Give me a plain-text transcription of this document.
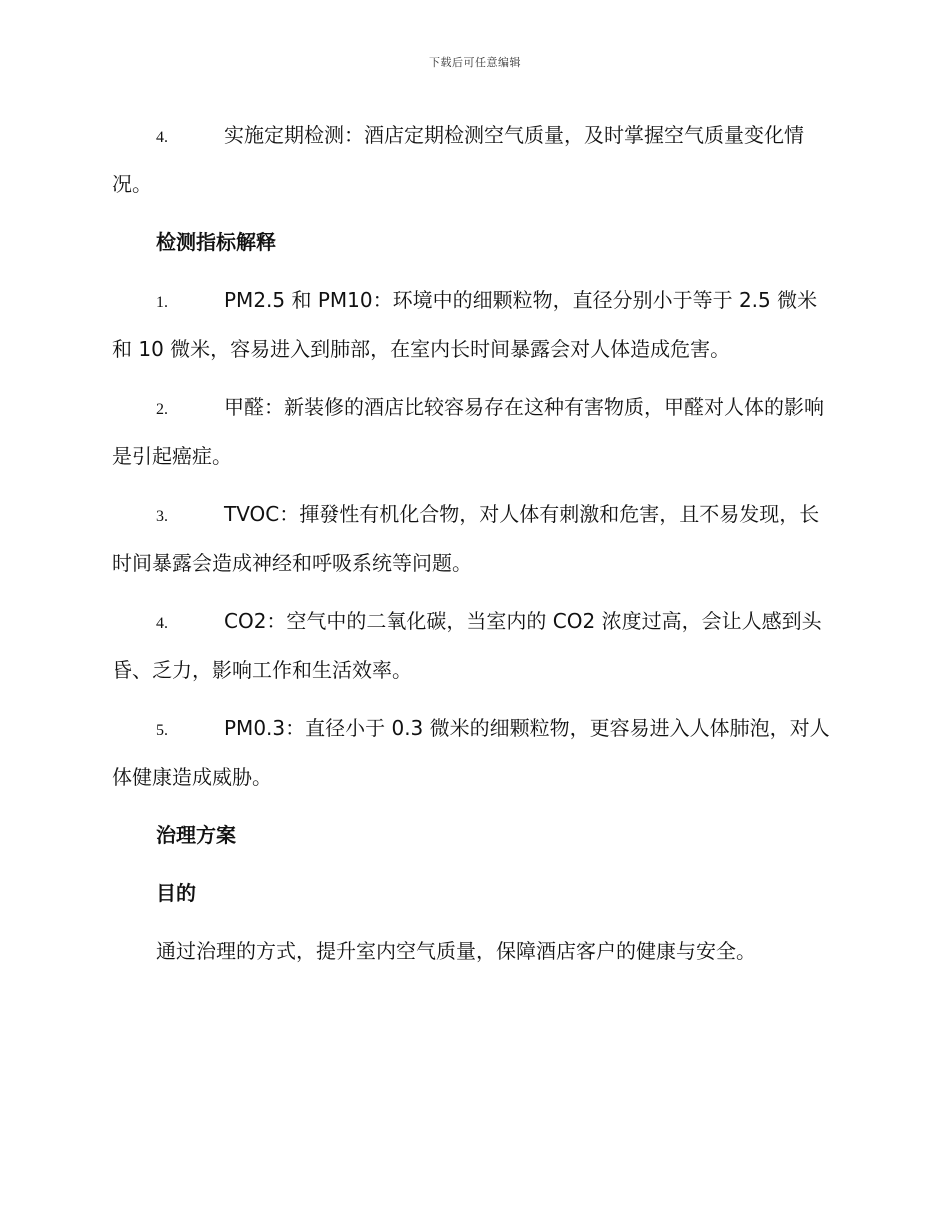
下载后可任意编辑

4.	实施定期检测：酒店定期检测空气质量，及时掌握空气质量变化情况。

检测指标解释

1.	PM2.5 和 PM10：环境中的细颗粒物，直径分别小于等于 2.5 微米和 10 微米，容易进入到肺部，在室内长时间暴露会对人体造成危害。

2.	甲醛：新装修的酒店比较容易存在这种有害物质，甲醛对人体的影响是引起癌症。

3.	TVOC：揮發性有机化合物，对人体有刺激和危害，且不易发现，长时间暴露会造成神经和呼吸系统等问题。

4.	CO2：空气中的二氧化碳，当室内的 CO2 浓度过高，会让人感到头昏、乏力，影响工作和生活效率。

5.	PM0.3：直径小于 0.3 微米的细颗粒物，更容易进入人体肺泡，对人体健康造成威胁。

治理方案

目的

通过治理的方式，提升室内空气质量，保障酒店客户的健康与安全。
